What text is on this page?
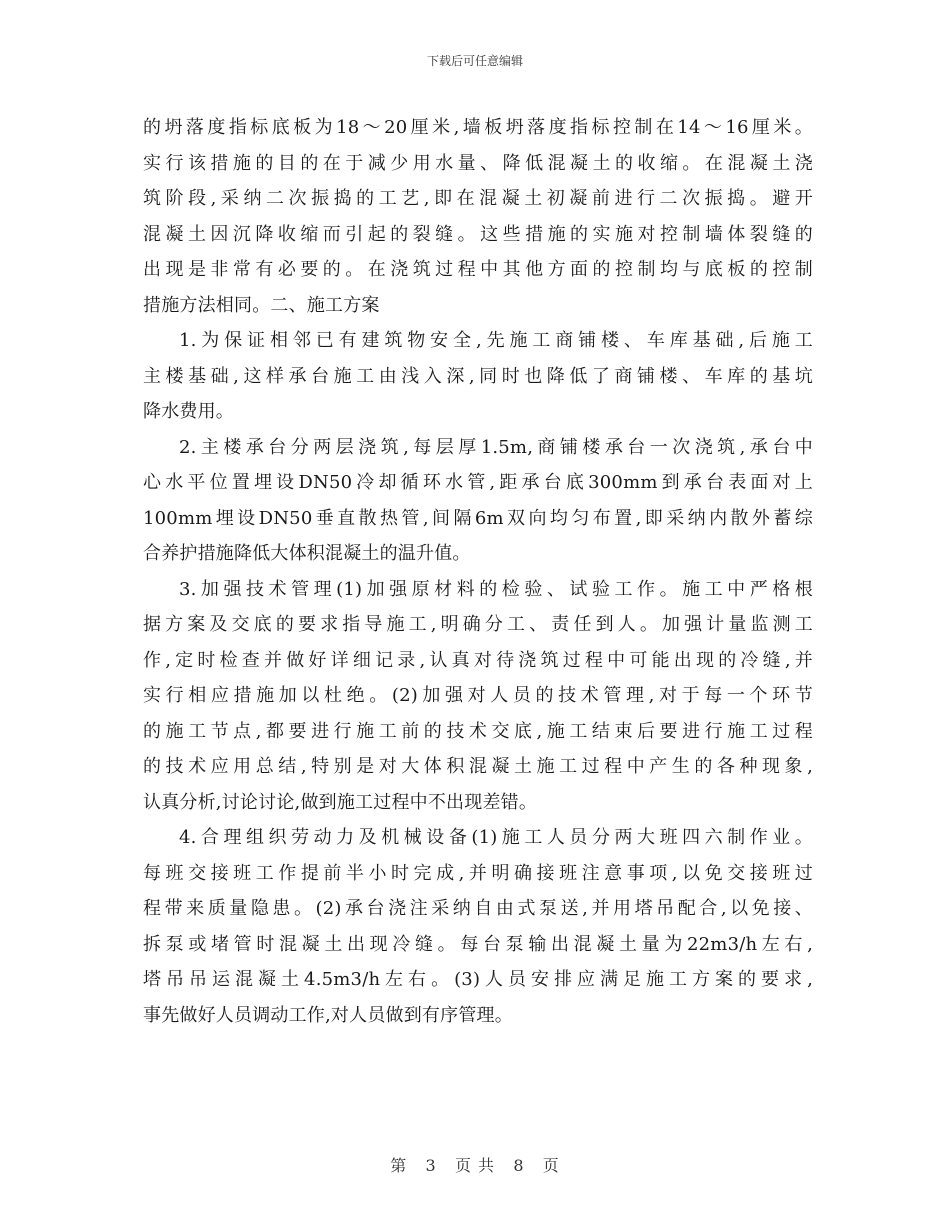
下载后可任意编辑
的坍落度指标底板为18～20厘米,墙板坍落度指标控制在14～16厘米。
实行该措施的目的在于减少用水量、降低混凝土的收缩。在混凝土浇
筑阶段,采纳二次振捣的工艺,即在混凝土初凝前进行二次振捣。避开
混凝土因沉降收缩而引起的裂缝。这些措施的实施对控制墙体裂缝的
出现是非常有必要的。在浇筑过程中其他方面的控制均与底板的控制
措施方法相同。二、施工方案
1.为保证相邻已有建筑物安全,先施工商铺楼、车库基础,后施工
主楼基础,这样承台施工由浅入深,同时也降低了商铺楼、车库的基坑
降水费用。
2.主楼承台分两层浇筑,每层厚1.5m,商铺楼承台一次浇筑,承台中
心水平位置埋设DN50冷却循环水管,距承台底300mm到承台表面对上
100mm埋设DN50垂直散热管,间隔6m双向均匀布置,即采纳内散外蓄综
合养护措施降低大体积混凝土的温升值。
3.加强技术管理(1)加强原材料的检验、试验工作。施工中严格根
据方案及交底的要求指导施工,明确分工、责任到人。加强计量监测工
作,定时检查并做好详细记录,认真对待浇筑过程中可能出现的冷缝,并
实行相应措施加以杜绝。(2)加强对人员的技术管理,对于每一个环节
的施工节点,都要进行施工前的技术交底,施工结束后要进行施工过程
的技术应用总结,特别是对大体积混凝土施工过程中产生的各种现象,
认真分析,讨论讨论,做到施工过程中不出现差错。
4.合理组织劳动力及机械设备(1)施工人员分两大班四六制作业。
每班交接班工作提前半小时完成,并明确接班注意事项,以免交接班过
程带来质量隐患。(2)承台浇注采纳自由式泵送,并用塔吊配合,以免接、
拆泵或堵管时混凝土出现冷缝。每台泵输出混凝土量为22m3/h左右,
塔吊吊运混凝土4.5m3/h左右。(3)人员安排应满足施工方案的要求,
事先做好人员调动工作,对人员做到有序管理。
第 3 页 共 8 页
